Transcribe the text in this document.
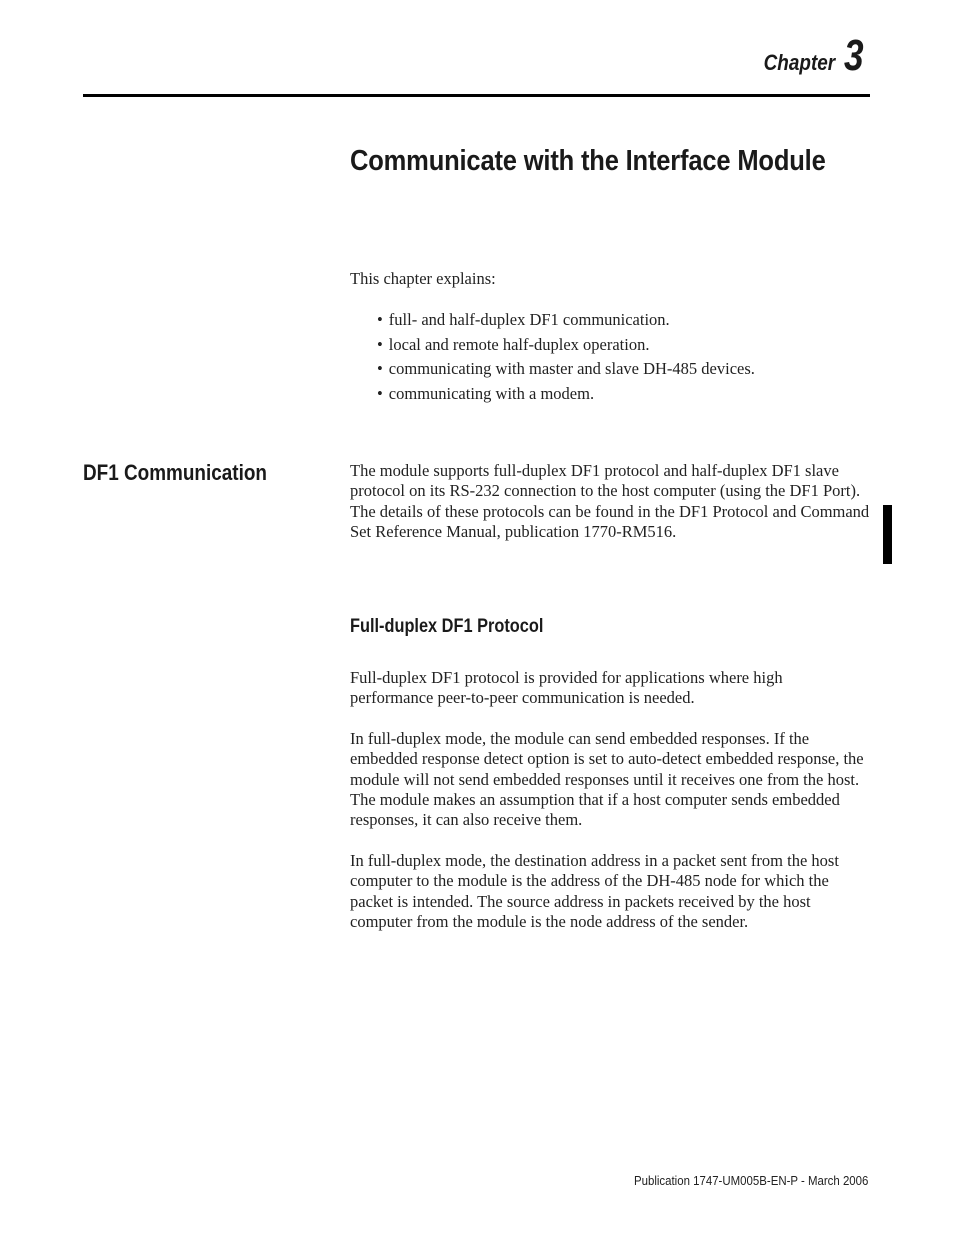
Chapter 3
Communicate with the Interface Module

This chapter explains:

• full- and half-duplex DF1 communication.
• local and remote half-duplex operation.
• communicating with master and slave DH-485 devices.
• communicating with a modem.
DF1 Communication	The module supports full-duplex DF1 protocol and half-duplex DF1 slave protocol on its RS-232 connection to the host computer (using the DF1 Port). The details of these protocols can be found in the DF1 Protocol and Command Set Reference Manual, publication 1770-RM516.

Full-duplex DF1 Protocol

Full-duplex DF1 protocol is provided for applications where high performance peer-to-peer communication is needed.

In full-duplex mode, the module can send embedded responses. If the embedded response detect option is set to auto-detect embedded response, the module will not send embedded responses until it receives one from the host. The module makes an assumption that if a host computer sends embedded responses, it can also receive them.

In full-duplex mode, the destination address in a packet sent from the host computer to the module is the address of the DH-485 node for which the packet is intended. The source address in packets received by the host computer from the module is the node address of the sender.

Publication 1747-UM005B-EN-P - March 2006
